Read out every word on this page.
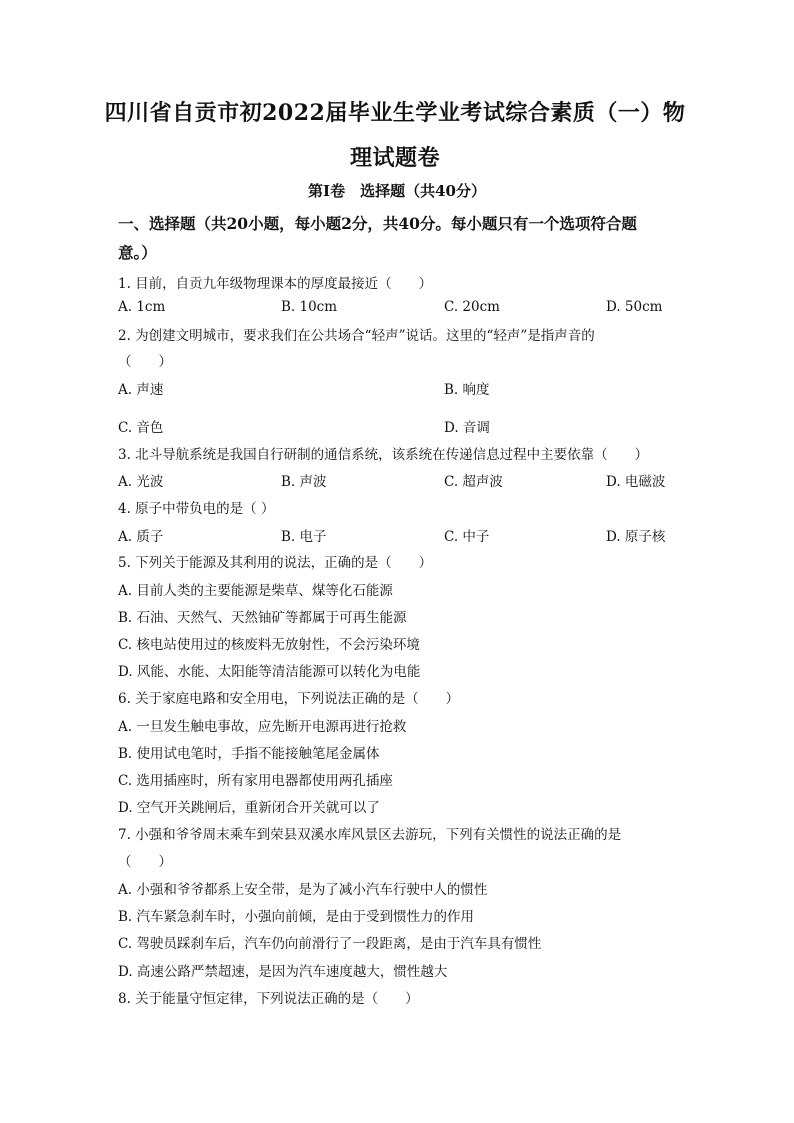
四川省自贡市初2022届毕业生学业考试综合素质（一）物
理试题卷
第Ⅰ卷　选择题（共40分）
一、选择题（共20小题，每小题2分，共40分。每小题只有一个选项符合题
意。）
1. 目前，自贡九年级物理课本的厚度最接近（　　）
A. 1cm	B. 10cm	C. 20cm	D. 50cm
2. 为创建文明城市，要求我们在公共场合“轻声”说话。这里的“轻声”是指声音的
（　　）
A. 声速	B. 响度
C. 音色	D. 音调
3. 北斗导航系统是我国自行研制的通信系统，该系统在传递信息过程中主要依靠（　　）
A. 光波	B. 声波	C. 超声波	D. 电磁波
4. 原子中带负电的是（ ）
A. 质子	B. 电子	C. 中子	D. 原子核
5. 下列关于能源及其利用的说法，正确的是（　　）
A. 目前人类的主要能源是柴草、煤等化石能源
B. 石油、天然气、天然铀矿等都属于可再生能源
C. 核电站使用过的核废料无放射性，不会污染环境
D. 风能、水能、太阳能等清洁能源可以转化为电能
6. 关于家庭电路和安全用电，下列说法正确的是（　　）
A. 一旦发生触电事故，应先断开电源再进行抢救
B. 使用试电笔时，手指不能接触笔尾金属体
C. 选用插座时，所有家用电器都使用两孔插座
D. 空气开关跳闸后，重新闭合开关就可以了
7. 小强和爷爷周末乘车到荣县双溪水库风景区去游玩，下列有关惯性的说法正确的是
（　　）
A. 小强和爷爷都系上安全带，是为了减小汽车行驶中人的惯性
B. 汽车紧急刹车时，小强向前倾，是由于受到惯性力的作用
C. 驾驶员踩刹车后，汽车仍向前滑行了一段距离，是由于汽车具有惯性
D. 高速公路严禁超速，是因为汽车速度越大，惯性越大
8. 关于能量守恒定律，下列说法正确的是（　　）
